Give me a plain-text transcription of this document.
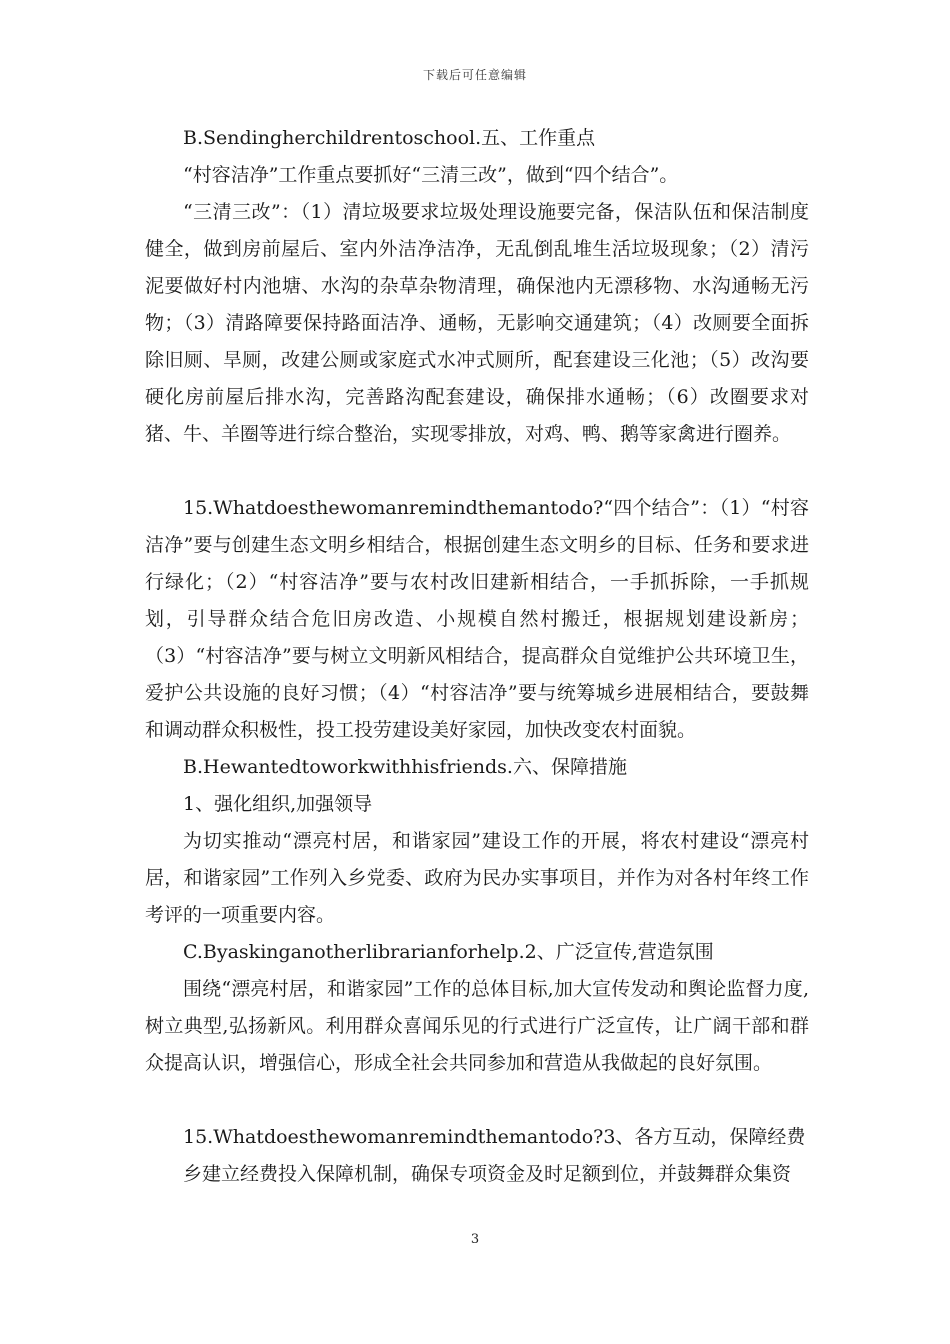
下载后可任意编辑

B.Sendingherchildrentoschool.五、工作重点

“村容洁净”工作重点要抓好“三清三改”，做到“四个结合”。

“三清三改”：（1）清垃圾要求垃圾处理设施要完备，保洁队伍和保洁制度健全，做到房前屋后、室内外洁净洁净，无乱倒乱堆生活垃圾现象；（2）清污泥要做好村内池塘、水沟的杂草杂物清理，确保池内无漂移物、水沟通畅无污物；（3）清路障要保持路面洁净、通畅，无影响交通建筑；（4）改厕要全面拆除旧厕、旱厕，改建公厕或家庭式水冲式厕所，配套建设三化池；（5）改沟要硬化房前屋后排水沟，完善路沟配套建设，确保排水通畅；（6）改圈要求对猪、牛、羊圈等进行综合整治，实现零排放，对鸡、鸭、鹅等家禽进行圈养。

15.Whatdoesthewomanremindthemantodo?“四个结合”：（1）“村容洁净”要与创建生态文明乡相结合，根据创建生态文明乡的目标、任务和要求进行绿化；（2）“村容洁净”要与农村改旧建新相结合，一手抓拆除，一手抓规划，引导群众结合危旧房改造、小规模自然村搬迁，根据规划建设新房；（3）“村容洁净”要与树立文明新风相结合，提高群众自觉维护公共环境卫生，爱护公共设施的良好习惯；（4）“村容洁净”要与统筹城乡进展相结合，要鼓舞和调动群众积极性，投工投劳建设美好家园，加快改变农村面貌。

B.Hewantedtoworkwithhisfriends.六、保障措施

1、强化组织,加强领导

为切实推动“漂亮村居，和谐家园”建设工作的开展，将农村建设“漂亮村居，和谐家园”工作列入乡党委、政府为民办实事项目，并作为对各村年终工作考评的一项重要内容。

C.Byaskinganotherlibrarianforhelp.2、广泛宣传,营造氛围

围绕“漂亮村居，和谐家园”工作的总体目标,加大宣传发动和舆论监督力度,树立典型,弘扬新风。利用群众喜闻乐见的行式进行广泛宣传，让广阔干部和群众提高认识，增强信心，形成全社会共同参加和营造从我做起的良好氛围。

15.Whatdoesthewomanremindthemantodo?3、各方互动，保障经费

乡建立经费投入保障机制，确保专项资金及时足额到位，并鼓舞群众集资

3
